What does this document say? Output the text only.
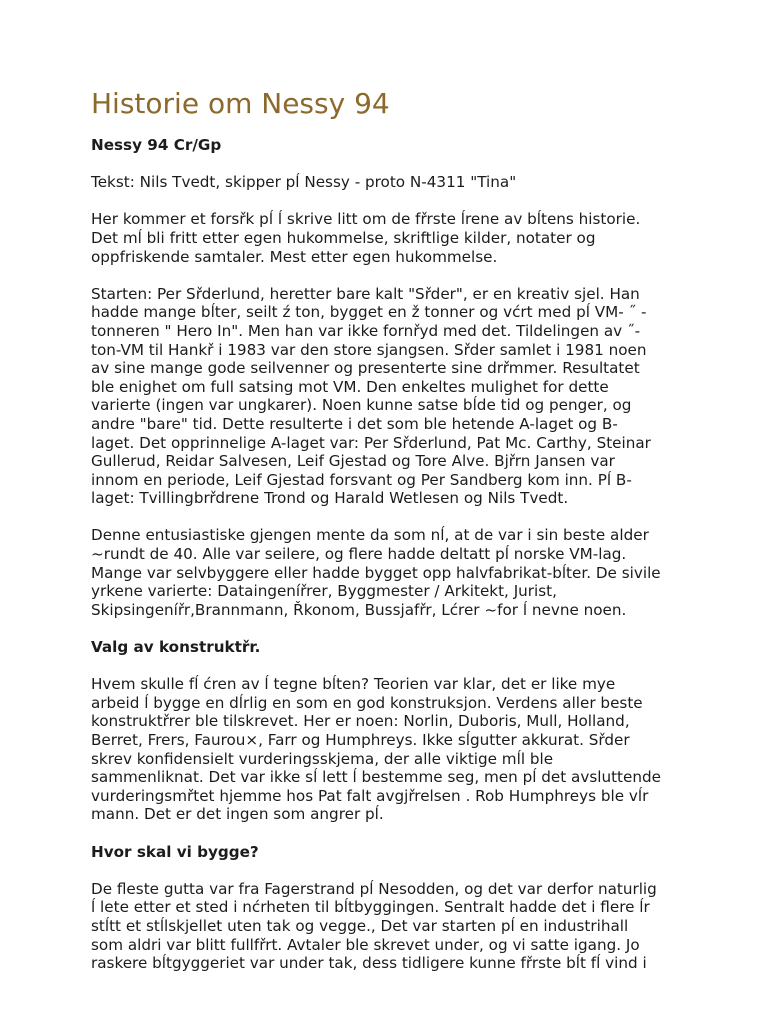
Historie om Nessy 94
Nessy 94 Cr/Gp
Tekst: Nils Tvedt, skipper pĺ Nessy - proto N-4311 "Tina"
Her kommer et forsřk pĺ ĺ skrive litt om de fřrste ĺrene av bĺtens historie.
Det mĺ bli fritt etter egen hukommelse, skriftlige kilder, notater og
oppfriskende samtaler. Mest etter egen hukommelse.
Starten: Per Sřderlund, heretter bare kalt "Sřder", er en kreativ sjel. Han
hadde mange bĺter, seilt ź ton, bygget en ž tonner og vćrt med pĺ VM- ˝ -
tonneren " Hero In". Men han var ikke fornřyd med det. Tildelingen av ˝-
ton-VM til Hankř i 1983 var den store sjangsen. Sřder samlet i 1981 noen
av sine mange gode seilvenner og presenterte sine drřmmer. Resultatet
ble enighet om full satsing mot VM. Den enkeltes mulighet for dette
varierte (ingen var ungkarer). Noen kunne satse bĺde tid og penger, og
andre "bare" tid. Dette resulterte i det som ble hetende A-laget og B-
laget. Det opprinnelige A-laget var: Per Sřderlund, Pat Mc. Carthy, Steinar
Gullerud, Reidar Salvesen, Leif Gjestad og Tore Alve. Bjřrn Jansen var
innom en periode, Leif Gjestad forsvant og Per Sandberg kom inn. Pĺ B-
laget: Tvillingbrřdrene Trond og Harald Wetlesen og Nils Tvedt.
Denne entusiastiske gjengen mente da som nĺ, at de var i sin beste alder
~rundt de 40. Alle var seilere, og flere hadde deltatt pĺ norske VM-lag.
Mange var selvbyggere eller hadde bygget opp halvfabrikat-bĺter. De sivile
yrkene varierte: Dataingenířrer, Byggmester / Arkitekt, Jurist,
Skipsingenířr,Brannmann, Řkonom, Bussjafřr, Lćrer ~for ĺ nevne noen.
Valg av konstruktřr.
Hvem skulle fĺ ćren av ĺ tegne bĺten? Teorien var klar, det er like mye
arbeid ĺ bygge en dĺrlig en som en god konstruksjon. Verdens aller beste
konstruktřrer ble tilskrevet. Her er noen: Norlin, Duboris, Mull, Holland,
Berret, Frers, Faurou×, Farr og Humphreys. Ikke sĺgutter akkurat. Sřder
skrev konfidensielt vurderingsskjema, der alle viktige mĺl ble
sammenliknat. Det var ikke sĺ lett ĺ bestemme seg, men pĺ det avsluttende
vurderingsmřtet hjemme hos Pat falt avgjřrelsen . Rob Humphreys ble vĺr
mann. Det er det ingen som angrer pĺ.
Hvor skal vi bygge?
De fleste gutta var fra Fagerstrand pĺ Nesodden, og det var derfor naturlig
ĺ lete etter et sted i nćrheten til bĺtbyggingen. Sentralt hadde det i flere ĺr
stĺtt et stĺlskjellet uten tak og vegge., Det var starten pĺ en industrihall
som aldri var blitt fullfřrt. Avtaler ble skrevet under, og vi satte igang. Jo
raskere bĺtgyggeriet var under tak, dess tidligere kunne fřrste bĺt fĺ vind i
